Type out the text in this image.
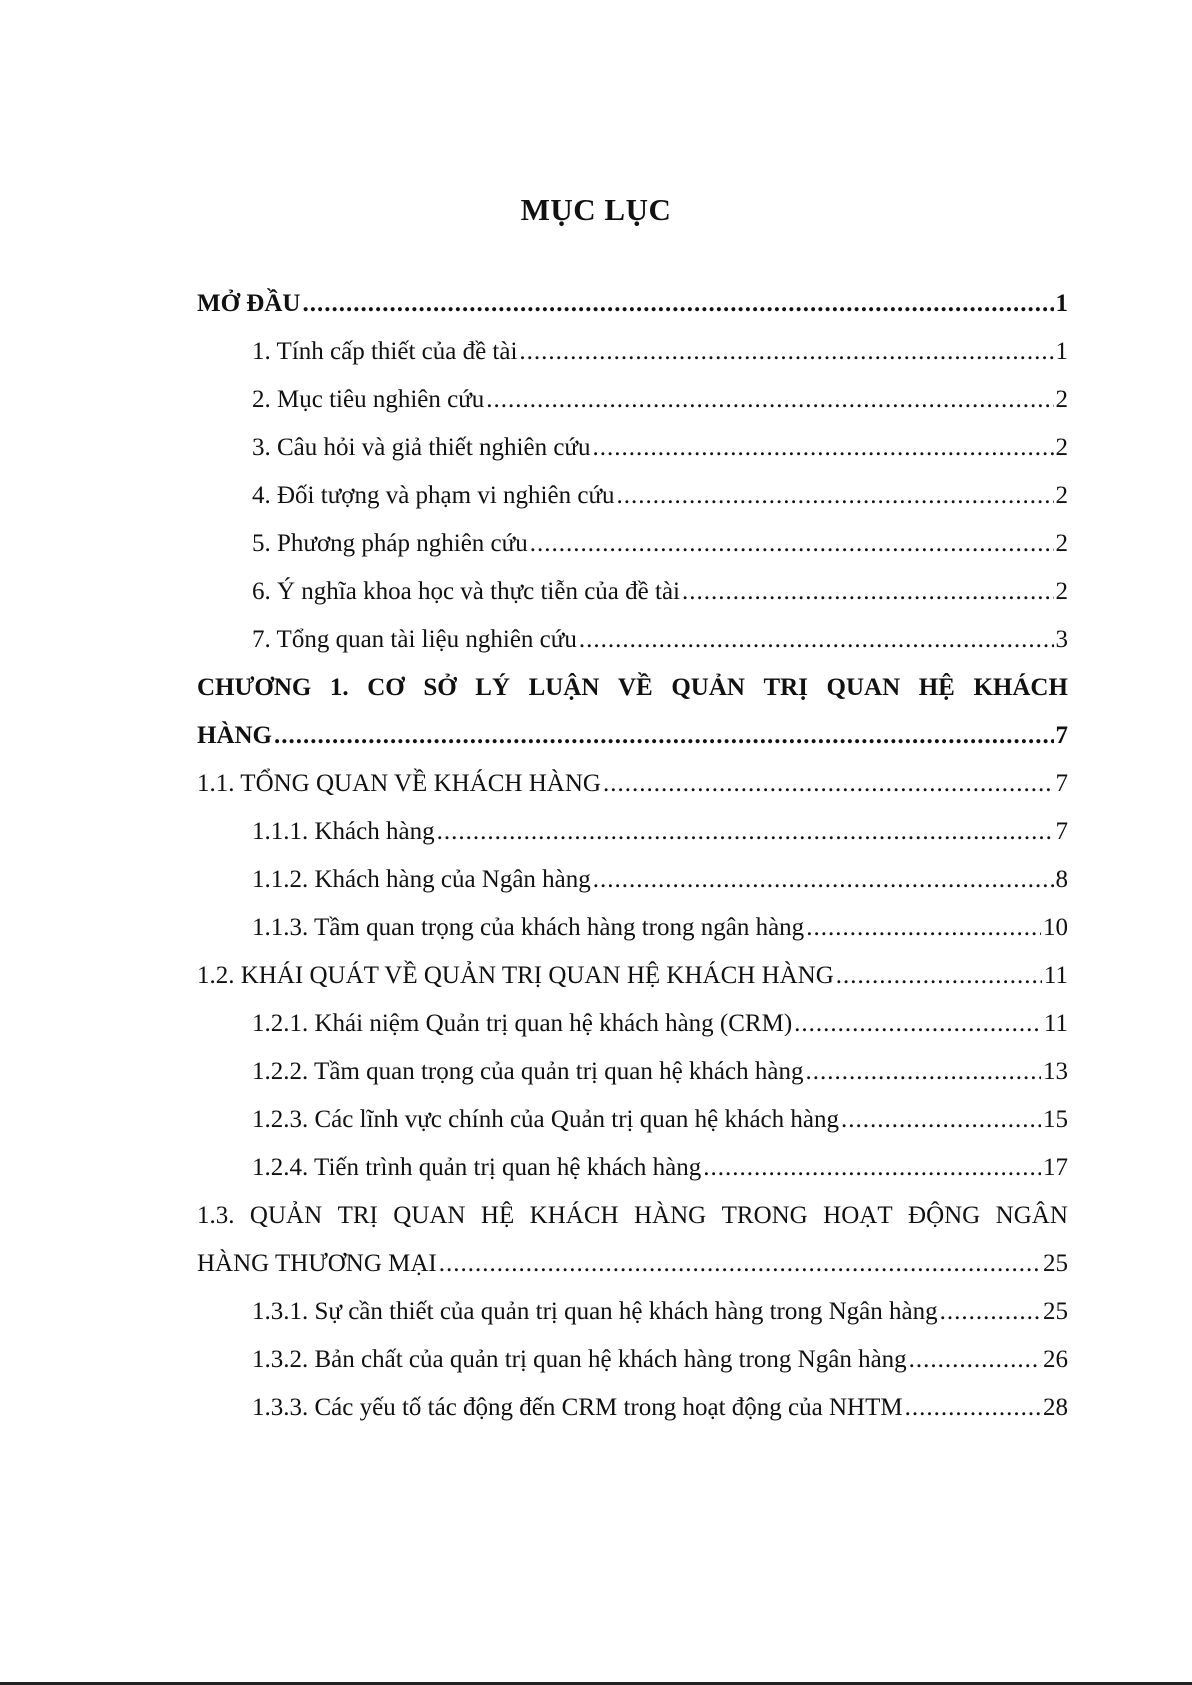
MỤC LỤC
MỞ ĐẦU .....	1
1. Tính cấp thiết của đề tài .....	1
2. Mục tiêu nghiên cứu .....	2
3. Câu hỏi và giả thiết nghiên cứu .....	2
4. Đối tượng và phạm vi nghiên cứu .....	2
5. Phương pháp nghiên cứu .....	2
6. Ý nghĩa khoa học và thực tiễn của đề tài .....	2
7. Tổng quan tài liệu nghiên cứu .....	3
CHƯƠNG 1. CƠ SỞ LÝ LUẬN VỀ QUẢN TRỊ QUAN HỆ KHÁCH
HÀNG .....	7
1.1. TỔNG QUAN VỀ KHÁCH HÀNG .....	7
1.1.1. Khách hàng .....	7
1.1.2. Khách hàng của Ngân hàng .....	8
1.1.3. Tầm quan trọng của khách hàng trong ngân hàng .....	10
1.2. KHÁI QUÁT VỀ QUẢN TRỊ QUAN HỆ KHÁCH HÀNG .....	11
1.2.1. Khái niệm Quản trị quan hệ khách hàng (CRM) .....	11
1.2.2. Tầm quan trọng của quản trị quan hệ khách hàng .....	13
1.2.3. Các lĩnh vực chính của Quản trị quan hệ khách hàng .....	15
1.2.4. Tiến trình quản trị quan hệ khách hàng .....	17
1.3. QUẢN TRỊ QUAN HỆ KHÁCH HÀNG TRONG HOẠT ĐỘNG NGÂN
HÀNG THƯƠNG MẠI .....	25
1.3.1. Sự cần thiết của quản trị quan hệ khách hàng trong Ngân hàng .....	25
1.3.2. Bản chất của quản trị quan hệ khách hàng trong Ngân hàng .....	26
1.3.3. Các yếu tố tác động đến CRM trong hoạt động của NHTM .....	28
